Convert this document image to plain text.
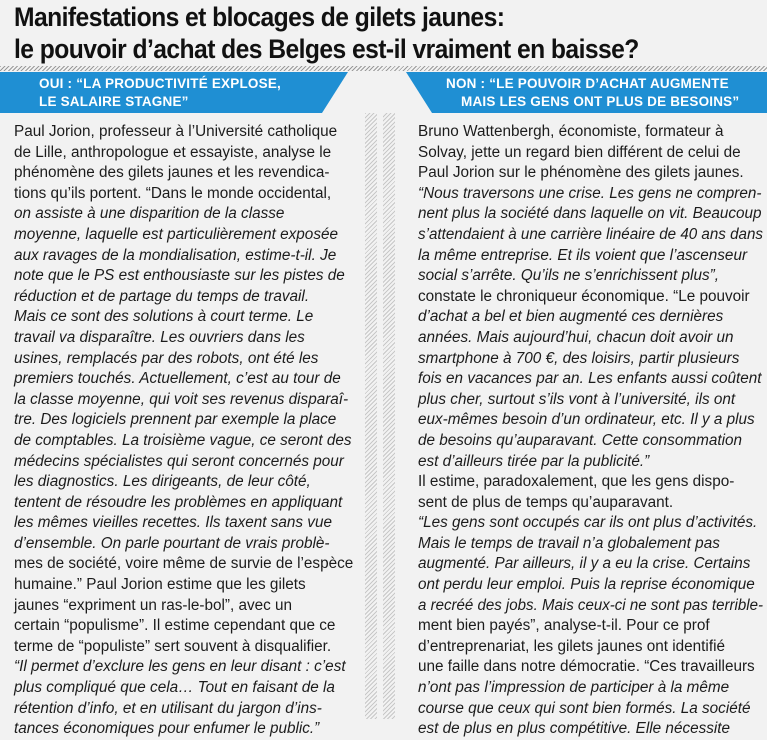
Manifestations et blocages de gilets jaunes:
le pouvoir d’achat des Belges est-il vraiment en baisse?
OUI : “LA PRODUCTIVITÉ EXPLOSE,
LE SALAIRE STAGNE”
NON : “LE POUVOIR D’ACHAT AUGMENTE
MAIS LES GENS ONT PLUS DE BESOINS”
Paul Jorion, professeur à l’Université catholique
de Lille, anthropologue et essayiste, analyse le
phénomène des gilets jaunes et les revendica-
tions qu’ils portent. “Dans le monde occidental,
on assiste à une disparition de la classe
moyenne, laquelle est particulièrement exposée
aux ravages de la mondialisation, estime-t-il. Je
note que le PS est enthousiaste sur les pistes de
réduction et de partage du temps de travail.
Mais ce sont des solutions à court terme. Le
travail va disparaître. Les ouvriers dans les
usines, remplacés par des robots, ont été les
premiers touchés. Actuellement, c’est au tour de
la classe moyenne, qui voit ses revenus disparaî-
tre. Des logiciels prennent par exemple la place
de comptables. La troisième vague, ce seront des
médecins spécialistes qui seront concernés pour
les diagnostics. Les dirigeants, de leur côté,
tentent de résoudre les problèmes en appliquant
les mêmes vieilles recettes. Ils taxent sans vue
d’ensemble. On parle pourtant de vrais problè-
mes de société, voire même de survie de l’espèce
humaine.” Paul Jorion estime que les gilets
jaunes “expriment un ras-le-bol”, avec un
certain “populisme”. Il estime cependant que ce
terme de “populiste” sert souvent à disqualifier.
“Il permet d’exclure les gens en leur disant : c’est
plus compliqué que cela… Tout en faisant de la
rétention d’info, et en utilisant du jargon d’ins-
tances économiques pour enfumer le public.”
Bruno Wattenbergh, économiste, formateur à
Solvay, jette un regard bien différent de celui de
Paul Jorion sur le phénomène des gilets jaunes.
“Nous traversons une crise. Les gens ne compren-
nent plus la société dans laquelle on vit. Beaucoup
s’attendaient à une carrière linéaire de 40 ans dans
la même entreprise. Et ils voient que l’ascenseur
social s’arrête. Qu’ils ne s’enrichissent plus”,
constate le chroniqueur économique. “Le pouvoir
d’achat a bel et bien augmenté ces dernières
années. Mais aujourd’hui, chacun doit avoir un
smartphone à 700 €, des loisirs, partir plusieurs
fois en vacances par an. Les enfants aussi coûtent
plus cher, surtout s’ils vont à l’université, ils ont
eux-mêmes besoin d’un ordinateur, etc. Il y a plus
de besoins qu’auparavant. Cette consommation
est d’ailleurs tirée par la publicité.”
Il estime, paradoxalement, que les gens dispo-
sent de plus de temps qu’auparavant.
“Les gens sont occupés car ils ont plus d’activités.
Mais le temps de travail n’a globalement pas
augmenté. Par ailleurs, il y a eu la crise. Certains
ont perdu leur emploi. Puis la reprise économique
a recréé des jobs. Mais ceux-ci ne sont pas terrible-
ment bien payés”, analyse-t-il. Pour ce prof
d’entreprenariat, les gilets jaunes ont identifié
une faille dans notre démocratie. “Ces travailleurs
n’ont pas l’impression de participer à la même
course que ceux qui sont bien formés. La société
est de plus en plus compétitive. Elle nécessite
